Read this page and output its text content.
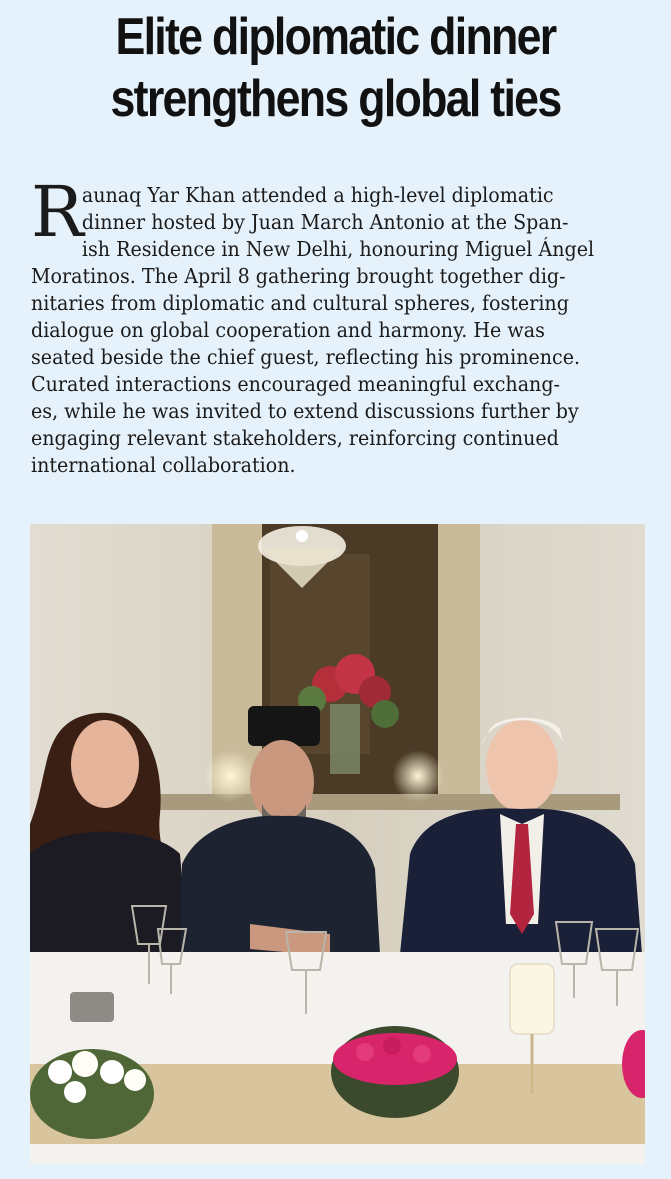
Elite diplomatic dinner
strengthens global ties

R
aunaq Yar Khan attended a high-level diplomatic
dinner hosted by Juan March Antonio at the Span-
ish Residence in New Delhi, honouring Miguel Ángel
Moratinos. The April 8 gathering brought together dig-
nitaries from diplomatic and cultural spheres, fostering
dialogue on global cooperation and harmony. He was
seated beside the chief guest, reflecting his prominence.
Curated interactions encouraged meaningful exchang-
es, while he was invited to extend discussions further by
engaging relevant stakeholders, reinforcing continued
international collaboration.
